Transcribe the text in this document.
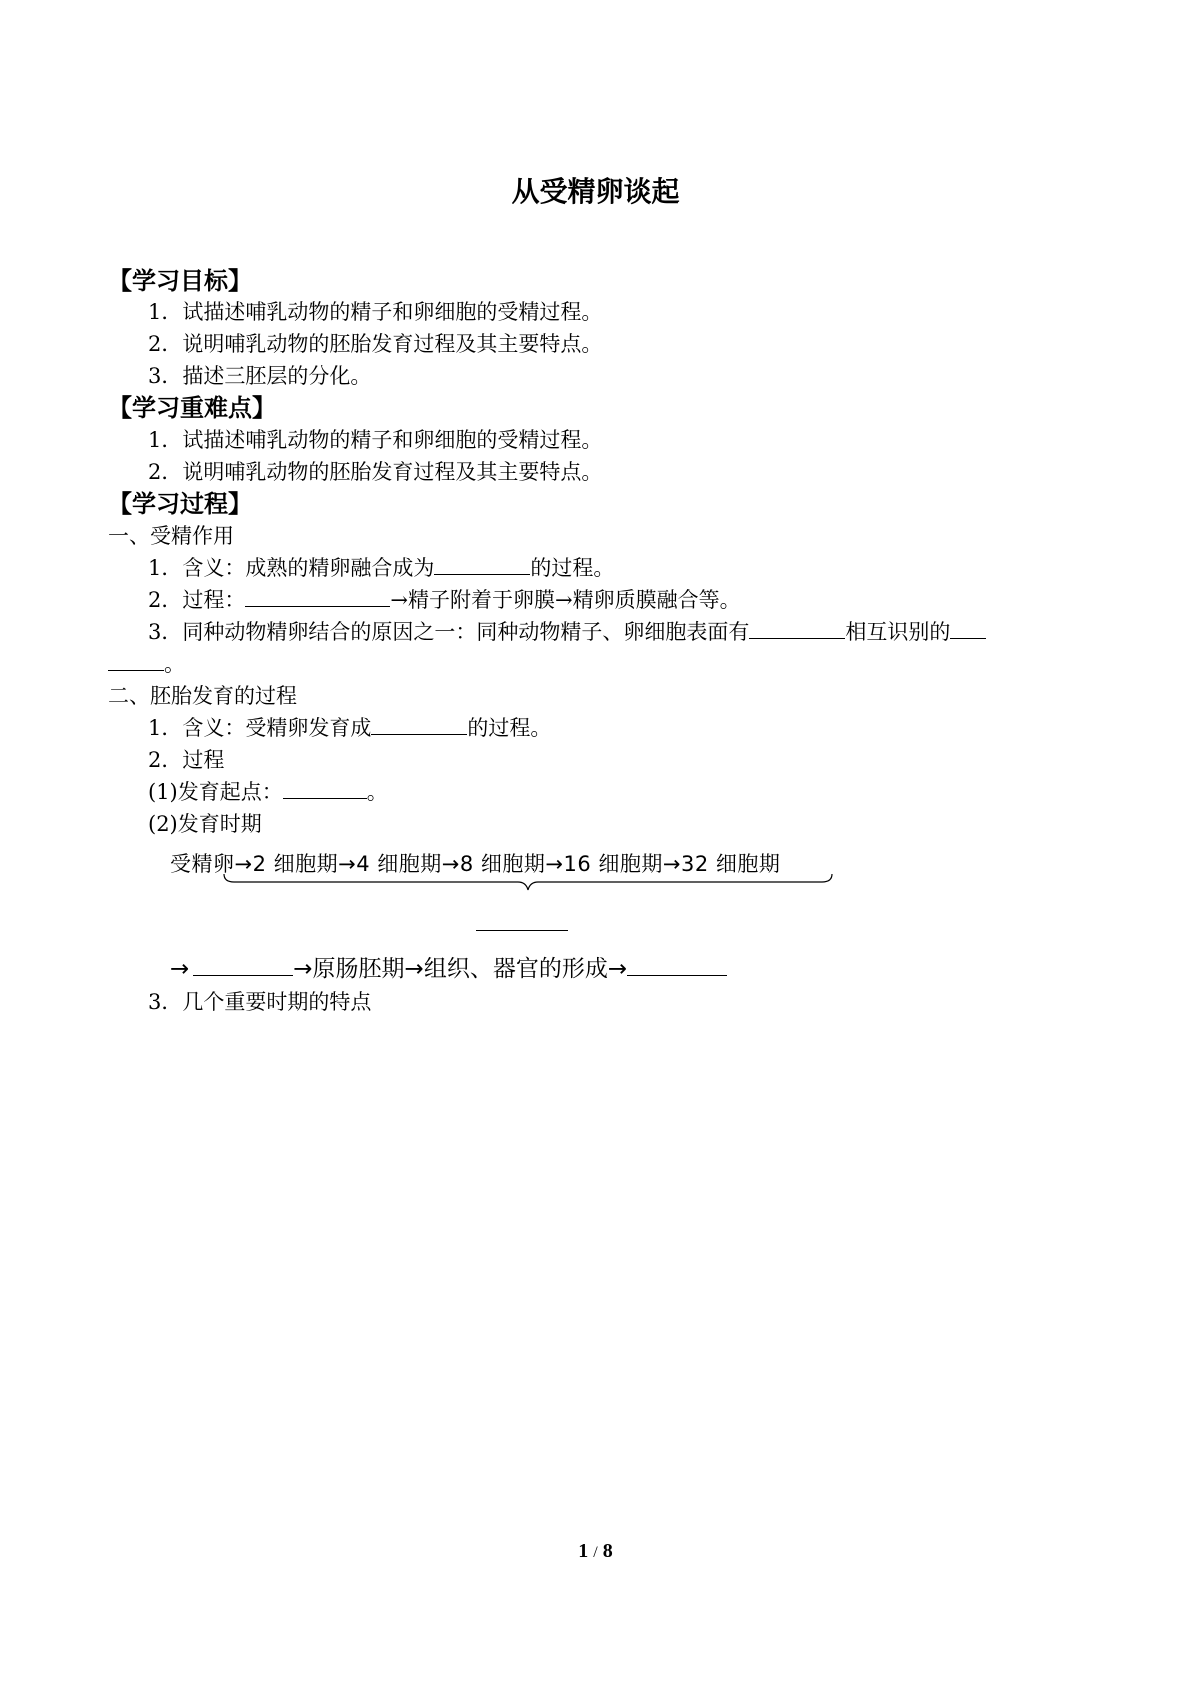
从受精卵谈起
【学习目标】
1．试描述哺乳动物的精子和卵细胞的受精过程。
2．说明哺乳动物的胚胎发育过程及其主要特点。
3．描述三胚层的分化。
【学习重难点】
1．试描述哺乳动物的精子和卵细胞的受精过程。
2．说明哺乳动物的胚胎发育过程及其主要特点。
【学习过程】
一、受精作用
1．含义：成熟的精卵融合成为	的过程。
2．过程：	→精子附着于卵膜→精卵质膜融合等。
3．同种动物精卵结合的原因之一：同种动物精子、卵细胞表面有	相互识别的
。
二、胚胎发育的过程
1．含义：受精卵发育成	的过程。
2．过程
(1)发育起点：	。
(2)发育时期
受精卵→2 细胞期→4 细胞期→8 细胞期→16 细胞期→32 细胞期
→	→原肠胚期→组织、器官的形成→
3．几个重要时期的特点
1 / 8
